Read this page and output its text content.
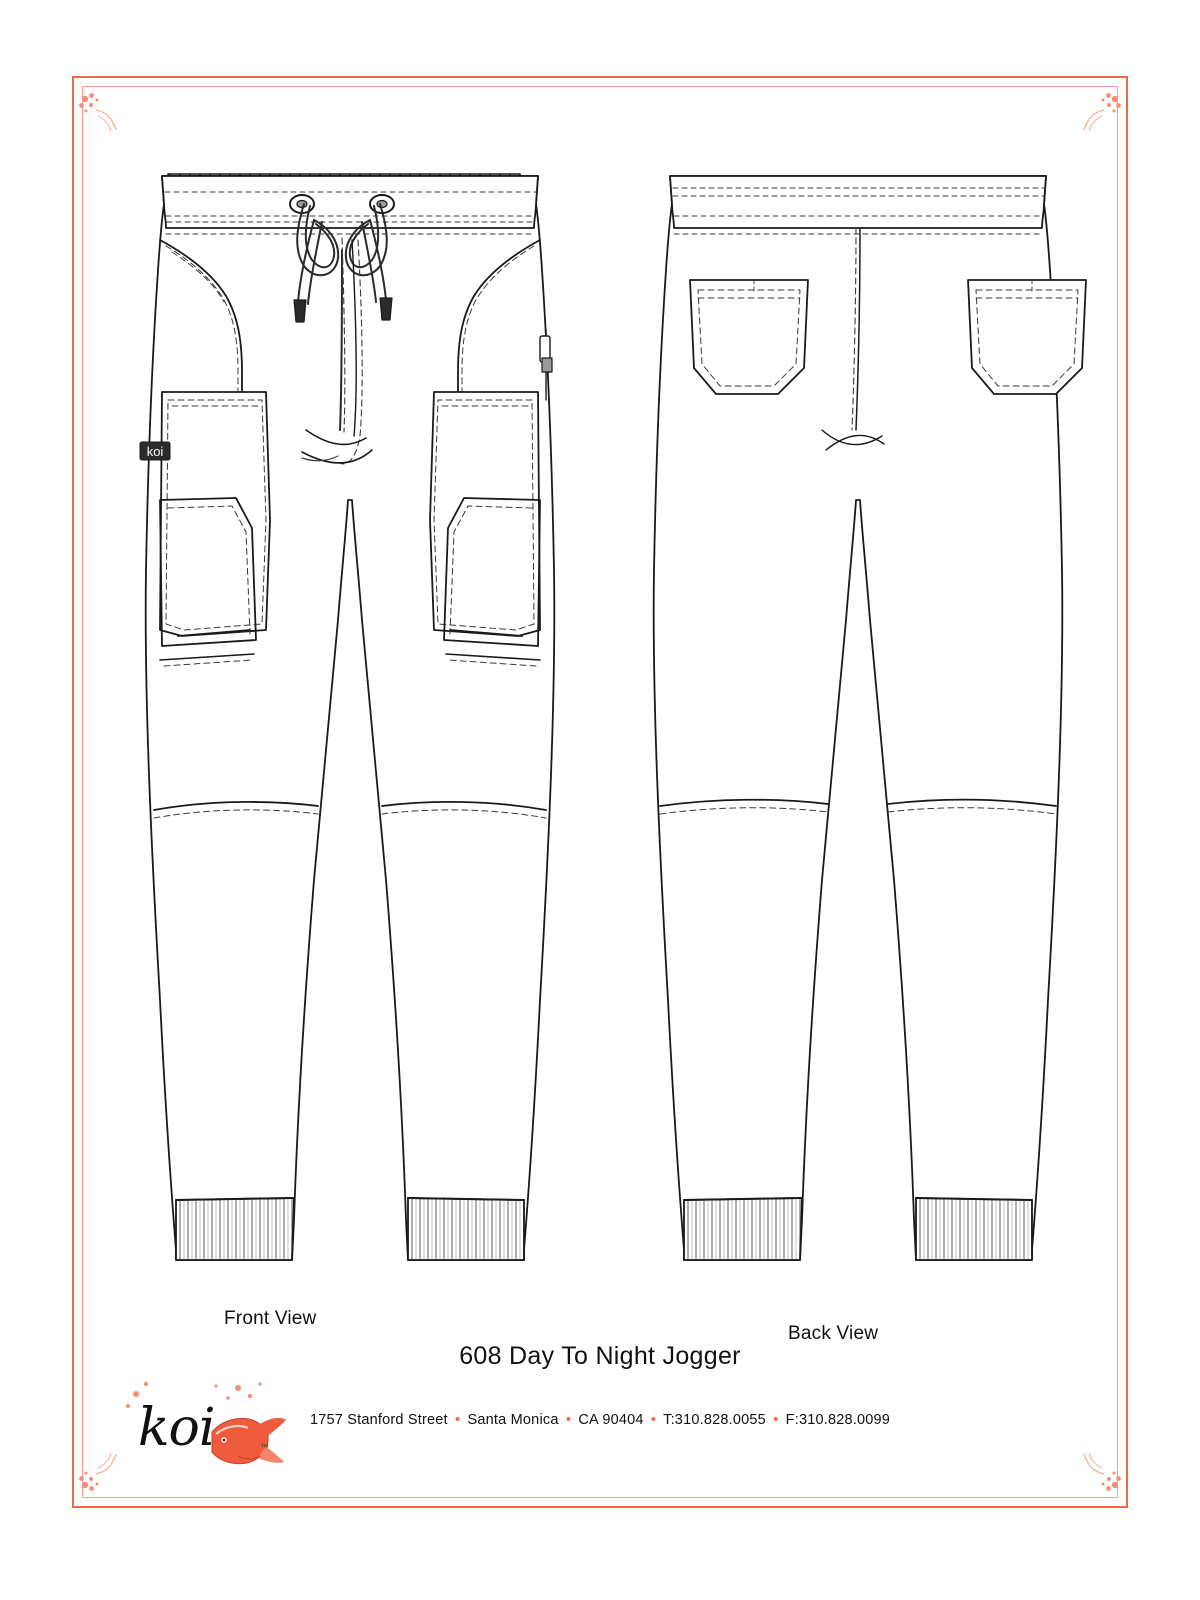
koi
Front View
Back View
608 Day To Night Jogger
1757 Stanford Street • Santa Monica • CA 90404 • T:310.828.0055 • F:310.828.0099
koi	™
